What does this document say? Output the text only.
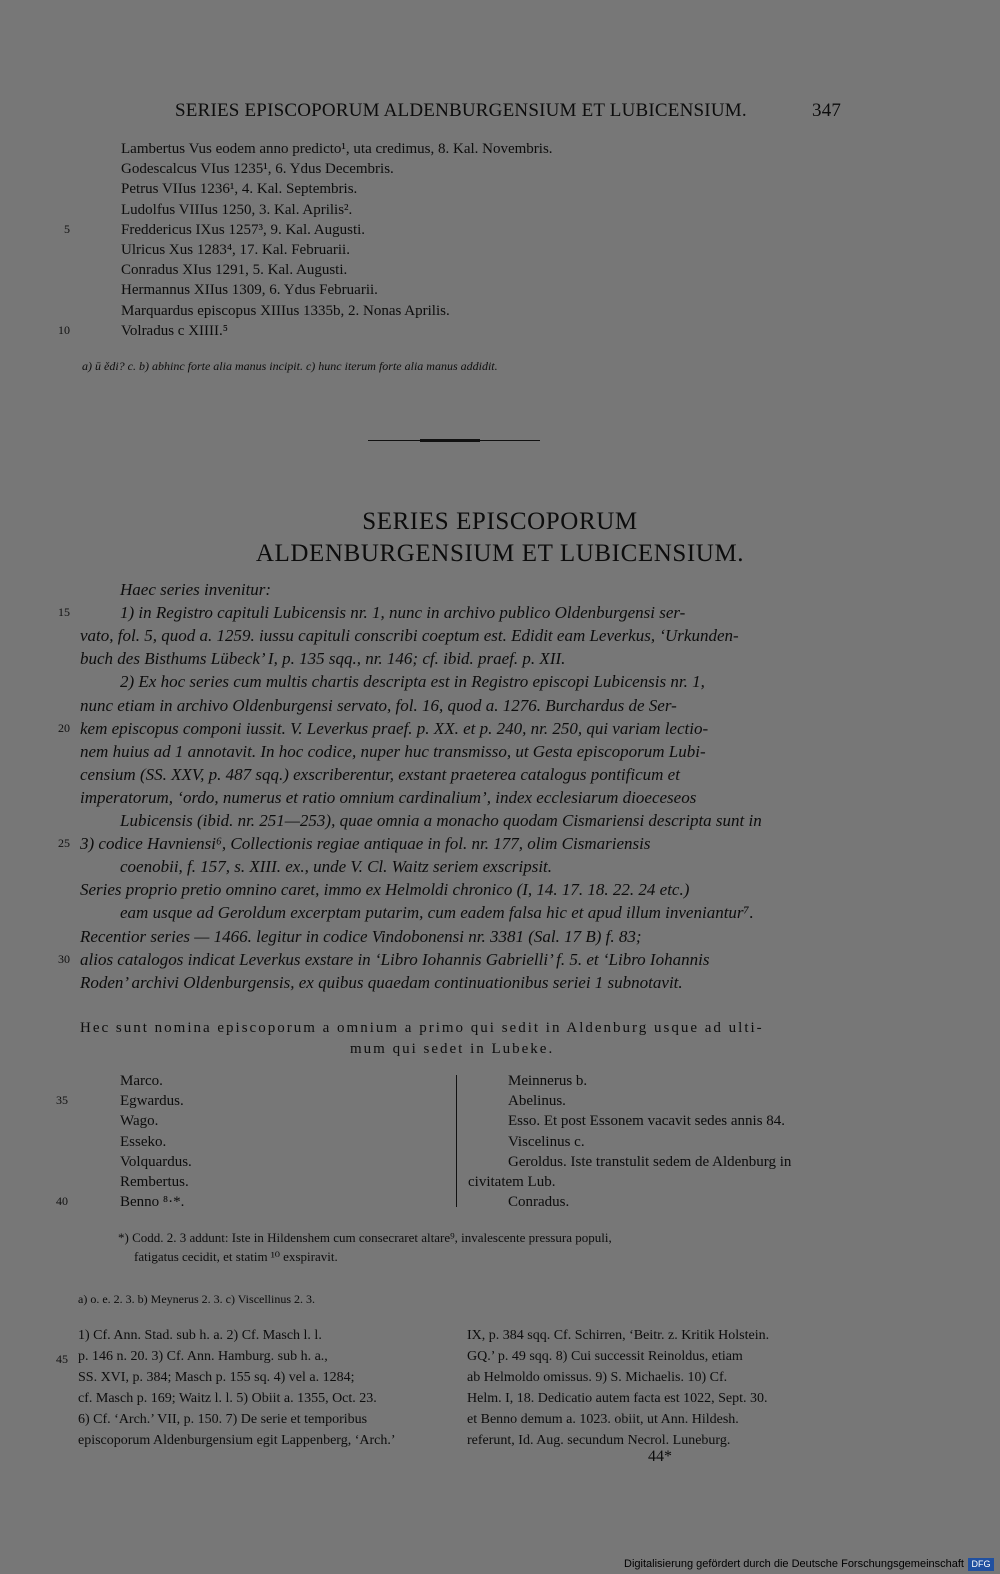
SERIES EPISCOPORUM ALDENBURGENSIUM ET LUBICENSIUM.	347
Lambertus Vus eodem anno predicto¹, uta credimus, 8. Kal. Novembris.
Godescalcus VIus 1235¹, 6. Ydus Decembris.
Petrus VIIus 1236¹, 4. Kal. Septembris.
Ludolfus VIIIus 1250, 3. Kal. Aprilis².
Freddericus IXus 1257³, 9. Kal. Augusti.
5
Ulricus Xus 1283⁴, 17. Kal. Februarii.
Conradus XIus 1291, 5. Kal. Augusti.
Hermannus XIIus 1309, 6. Ydus Februarii.
Marquardus episcopus XIIIus 1335b, 2. Nonas Aprilis.
Volradus c XIIII.⁵
10
a) ū ědi? c. b) abhinc forte alia manus incipit. c) hunc iterum forte alia manus addidit.
SERIES EPISCOPORUM
ALDENBURGENSIUM ET LUBICENSIUM.
Haec series invenitur:
1) in Registro capituli Lubicensis nr. 1, nunc in archivo publico Oldenburgensi ser-
15
vato, fol. 5, quod a. 1259. iussu capituli conscribi coeptum est. Edidit eam Leverkus, ‘Urkunden-
buch des Bisthums Lübeck’ I, p. 135 sqq., nr. 146; cf. ibid. praef. p. XII.
2) Ex hoc series cum multis chartis descripta est in Registro episcopi Lubicensis nr. 1,
nunc etiam in archivo Oldenburgensi servato, fol. 16, quod a. 1276. Burchardus de Ser-
kem episcopus componi iussit. V. Leverkus praef. p. XX. et p. 240, nr. 250, qui variam lectio-
20
nem huius ad 1 annotavit. In hoc codice, nuper huc transmisso, ut Gesta episcoporum Lubi-
censium (SS. XXV, p. 487 sqq.) exscriberentur, exstant praeterea catalogus pontificum et
imperatorum, ‘ordo, numerus et ratio omnium cardinalium’, index ecclesiarum dioeceseos
Lubicensis (ibid. nr. 251—253), quae omnia a monacho quodam Cismariensi descripta sunt in
3) codice Havniensi⁶, Collectionis regiae antiquae in fol. nr. 177, olim Cismariensis
25
coenobii, f. 157, s. XIII. ex., unde V. Cl. Waitz seriem exscripsit.
Series proprio pretio omnino caret, immo ex Helmoldi chronico (I, 14. 17. 18. 22. 24 etc.)
eam usque ad Geroldum excerptam putarim, cum eadem falsa hic et apud illum inveniantur⁷.
Recentior series — 1466. legitur in codice Vindobonensi nr. 3381 (Sal. 17 B) f. 83;
alios catalogos indicat Leverkus exstare in ‘Libro Iohannis Gabrielli’ f. 5. et ‘Libro Iohannis
30
Roden’ archivi Oldenburgensis, ex quibus quaedam continuationibus seriei 1 subnotavit.
Hec sunt nomina episcoporum a omnium a primo qui sedit in Aldenburg usque ad ulti-
mum qui sedet in Lubeke.
Marco.
Egwardus.
35
Wago.
Esseko.
Volquardus.
Rembertus.
Benno ⁸·*.
40
Meinnerus b.
Abelinus.
Esso. Et post Essonem vacavit sedes annis 84.
Viscelinus c.
Geroldus. Iste transtulit sedem de Aldenburg in
civitatem Lub.
Conradus.
*) Codd. 2. 3 addunt: Iste in Hildenshem cum consecraret altare⁹, invalescente pressura populi,
fatigatus cecidit, et statim ¹⁰ exspiravit.
a) o. e. 2. 3. b) Meynerus 2. 3. c) Viscellinus 2. 3.
1) Cf. Ann. Stad. sub h. a. 2) Cf. Masch l. l.
p. 146 n. 20. 3) Cf. Ann. Hamburg. sub h. a.,
SS. XVI, p. 384; Masch p. 155 sq. 4) vel a. 1284;
cf. Masch p. 169; Waitz l. l. 5) Obiit a. 1355, Oct. 23.
6) Cf. ‘Arch.’ VII, p. 150. 7) De serie et temporibus
episcoporum Aldenburgensium egit Lappenberg, ‘Arch.’
45
IX, p. 384 sqq. Cf. Schirren, ‘Beitr. z. Kritik Holstein.
GQ.’ p. 49 sqq. 8) Cui successit Reinoldus, etiam
ab Helmoldo omissus. 9) S. Michaelis. 10) Cf.
Helm. I, 18. Dedicatio autem facta est 1022, Sept. 30.
et Benno demum a. 1023. obiit, ut Ann. Hildesh.
referunt, Id. Aug. secundum Necrol. Luneburg.
44*
Digitalisierung gefördert durch die Deutsche Forschungsgemeinschaft DFG
